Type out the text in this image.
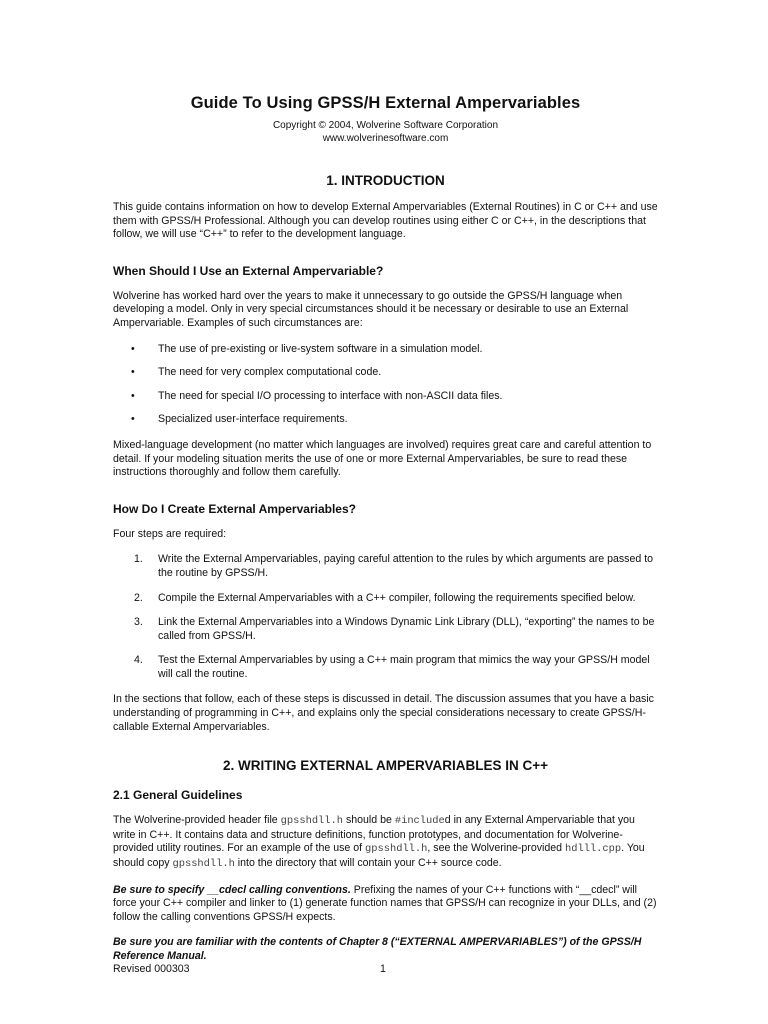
Guide To Using GPSS/H External Ampervariables

Copyright © 2004, Wolverine Software Corporation

www.wolverinesoftware.com

1. INTRODUCTION

This guide contains information on how to develop External Ampervariables (External Routines) in C or C++ and use them with GPSS/H Professional. Although you can develop routines using either C or C++, in the descriptions that follow, we will use “C++” to refer to the development language.

When Should I Use an External Ampervariable?

Wolverine has worked hard over the years to make it unnecessary to go outside the GPSS/H language when developing a model. Only in very special circumstances should it be necessary or desirable to use an External Ampervariable. Examples of such circumstances are:

• The use of pre-existing or live-system software in a simulation model.
• The need for very complex computational code.
• The need for special I/O processing to interface with non-ASCII data files.
• Specialized user-interface requirements.

Mixed-language development (no matter which languages are involved) requires great care and careful attention to detail. If your modeling situation merits the use of one or more External Ampervariables, be sure to read these instructions thoroughly and follow them carefully.

How Do I Create External Ampervariables?

Four steps are required:

1. Write the External Ampervariables, paying careful attention to the rules by which arguments are passed to the routine by GPSS/H.
2. Compile the External Ampervariables with a C++ compiler, following the requirements specified below.
3. Link the External Ampervariables into a Windows Dynamic Link Library (DLL), “exporting” the names to be called from GPSS/H.
4. Test the External Ampervariables by using a C++ main program that mimics the way your GPSS/H model will call the routine.

In the sections that follow, each of these steps is discussed in detail. The discussion assumes that you have a basic understanding of programming in C++, and explains only the special considerations necessary to create GPSS/H-callable External Ampervariables.

2. WRITING EXTERNAL AMPERVARIABLES IN C++
2.1 General Guidelines

The Wolverine-provided header file gpsshdll.h should be #included in any External Ampervariable that you write in C++. It contains data and structure definitions, function prototypes, and documentation for Wolverine-provided utility routines. For an example of the use of gpsshdll.h, see the Wolverine-provided hdlll.cpp. You should copy gpsshdll.h into the directory that will contain your C++ source code.

Be sure to specify __cdecl calling conventions. Prefixing the names of your C++ functions with “__cdecl” will force your C++ compiler and linker to (1) generate function names that GPSS/H can recognize in your DLLs, and (2) follow the calling conventions GPSS/H expects.

Be sure you are familiar with the contents of Chapter 8 (“EXTERNAL AMPERVARIABLES”) of the GPSS/H Reference Manual.

Revised 000303	1
